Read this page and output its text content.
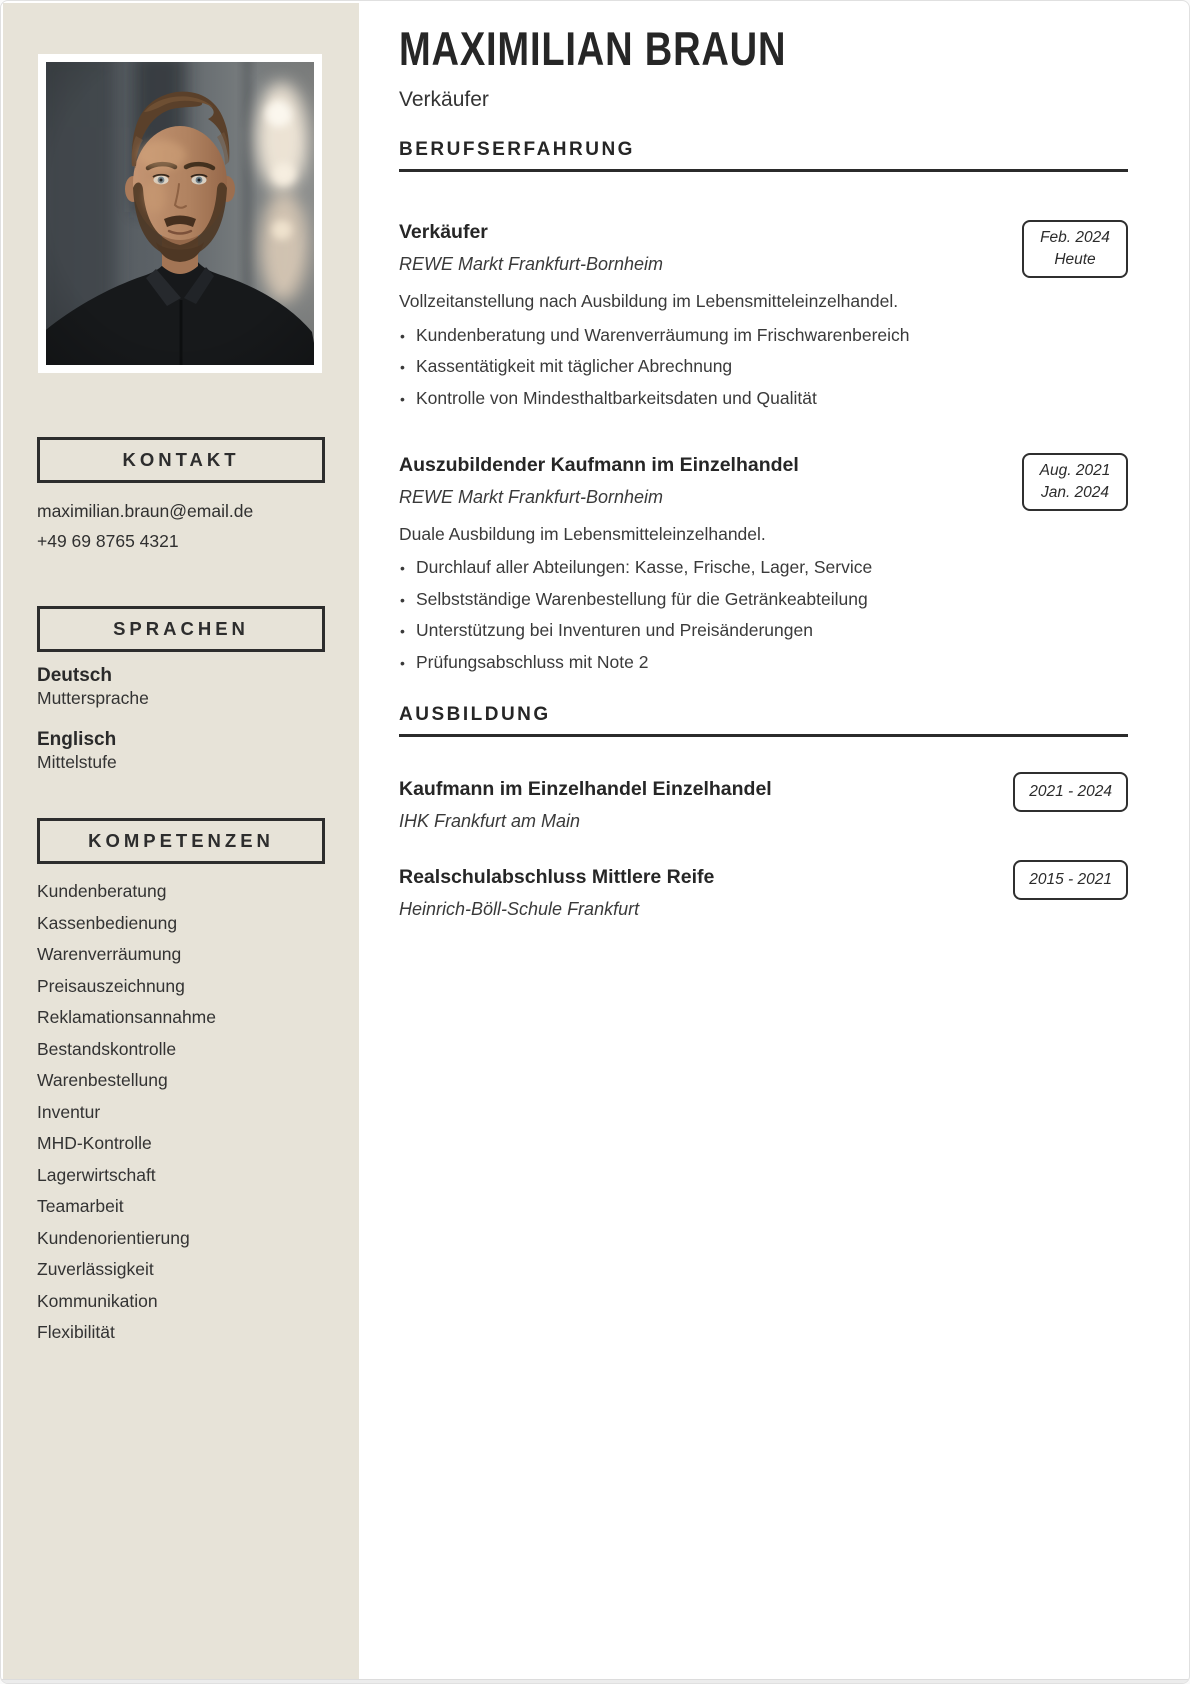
KONTAKT
maximilian.braun@email.de
+49 69 8765 4321
SPRACHEN
Deutsch
Muttersprache
Englisch
Mittelstufe
KOMPETENZEN
Kundenberatung
Kassenbedienung
Warenverräumung
Preisauszeichnung
Reklamationsannahme
Bestandskontrolle
Warenbestellung
Inventur
MHD-Kontrolle
Lagerwirtschaft
Teamarbeit
Kundenorientierung
Zuverlässigkeit
Kommunikation
Flexibilität
MAXIMILIAN BRAUN
Verkäufer
BERUFSERFAHRUNG
Verkäufer
REWE Markt Frankfurt-Bornheim
Feb. 2024
Heute
Vollzeitanstellung nach Ausbildung im Lebensmitteleinzelhandel.
• Kundenberatung und Warenverräumung im Frischwarenbereich
• Kassentätigkeit mit täglicher Abrechnung
• Kontrolle von Mindesthaltbarkeitsdaten und Qualität
Auszubildender Kaufmann im Einzelhandel
REWE Markt Frankfurt-Bornheim
Aug. 2021
Jan. 2024
Duale Ausbildung im Lebensmitteleinzelhandel.
• Durchlauf aller Abteilungen: Kasse, Frische, Lager, Service
• Selbstständige Warenbestellung für die Getränkeabteilung
• Unterstützung bei Inventuren und Preisänderungen
• Prüfungsabschluss mit Note 2
AUSBILDUNG
Kaufmann im Einzelhandel Einzelhandel
IHK Frankfurt am Main
2021 - 2024
Realschulabschluss Mittlere Reife
Heinrich-Böll-Schule Frankfurt
2015 - 2021
